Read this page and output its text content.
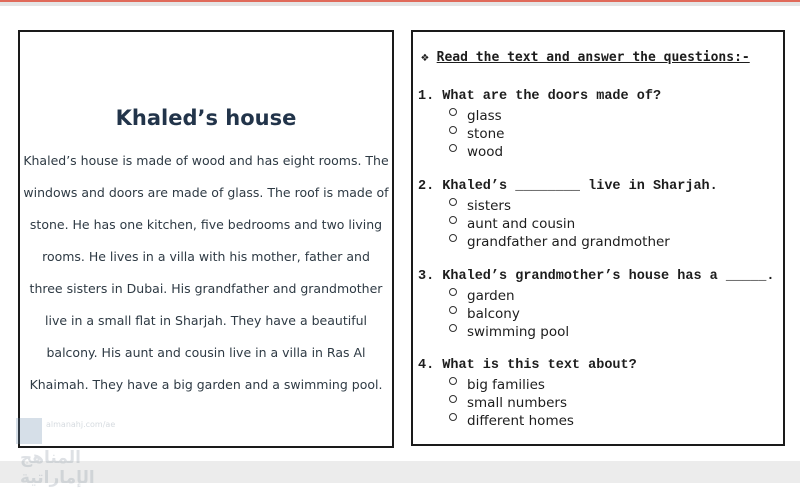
Khaled’s house
Khaled’s house is made of wood and has eight rooms. The
windows and doors are made of glass. The roof is made of
stone. He has one kitchen, five bedrooms and two living
rooms. He lives in a villa with his mother, father and
three sisters in Dubai. His grandfather and grandmother
live in a small flat in Sharjah. They have a beautiful
balcony. His aunt and cousin live in a villa in Ras Al
Khaimah. They have a big garden and a swimming pool.
❖ Read the text and answer the questions:-
1. What are the doors made of?
glass
stone
wood
2. Khaled’s ________ live in Sharjah.
sisters
aunt and cousin
grandfather and grandmother
3. Khaled’s grandmother’s house has a _____.
garden
balcony
swimming pool
4. What is this text about?
big families
small numbers
different homes
almanahj.com/ae
المناهج الإماراتية
